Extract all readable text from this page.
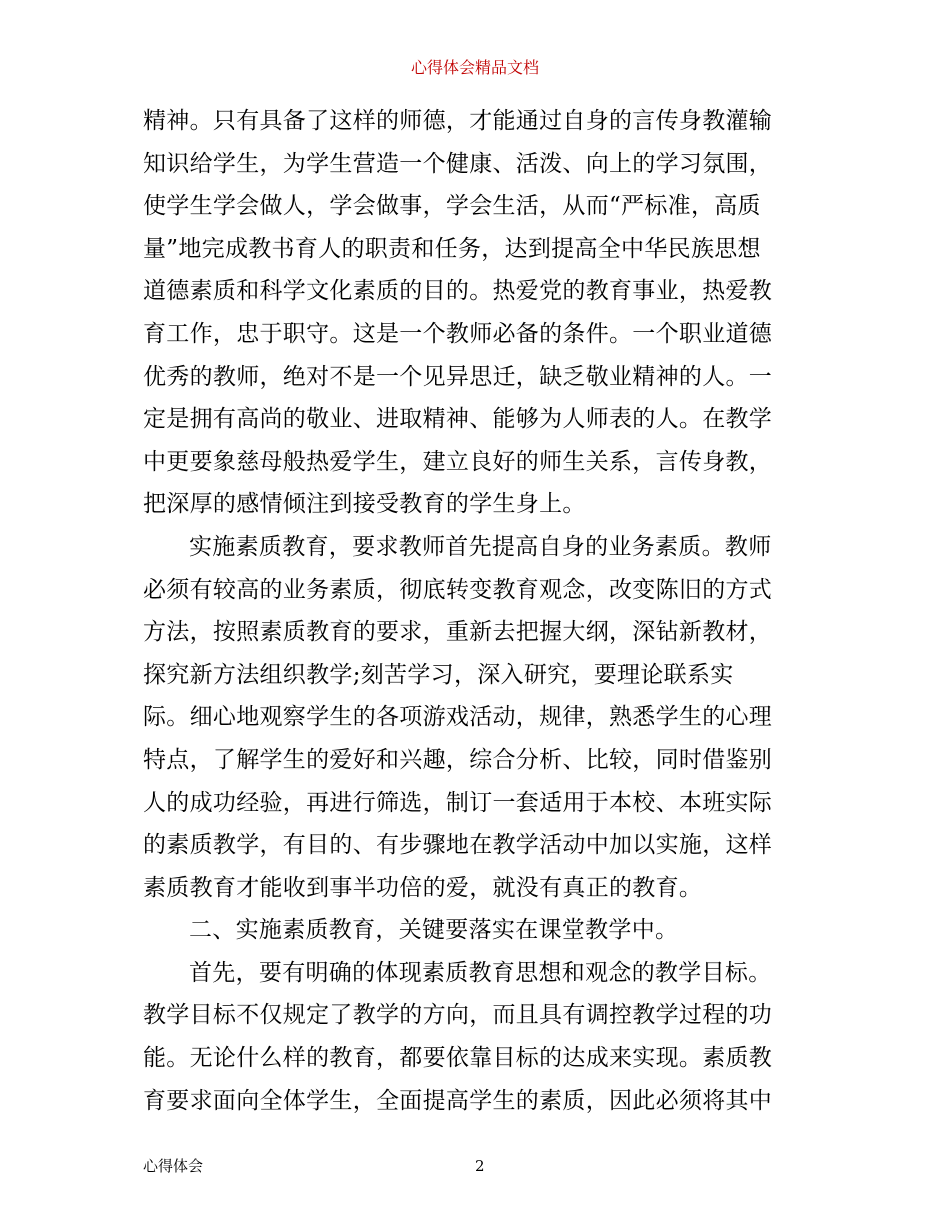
心得体会精品文档
精神。只有具备了这样的师德，才能通过自身的言传身教灌输
知识给学生，为学生营造一个健康、活泼、向上的学习氛围，
使学生学会做人，学会做事，学会生活，从而“严标准，高质
量”地完成教书育人的职责和任务，达到提高全中华民族思想
道德素质和科学文化素质的目的。热爱党的教育事业，热爱教
育工作，忠于职守。这是一个教师必备的条件。一个职业道德
优秀的教师，绝对不是一个见异思迁，缺乏敬业精神的人。一
定是拥有高尚的敬业、进取精神、能够为人师表的人。在教学
中更要象慈母般热爱学生，建立良好的师生关系，言传身教，
把深厚的感情倾注到接受教育的学生身上。
实施素质教育，要求教师首先提高自身的业务素质。教师
必须有较高的业务素质，彻底转变教育观念，改变陈旧的方式
方法，按照素质教育的要求，重新去把握大纲，深钻新教材，
探究新方法组织教学;刻苦学习，深入研究，要理论联系实
际。细心地观察学生的各项游戏活动，规律，熟悉学生的心理
特点，了解学生的爱好和兴趣，综合分析、比较，同时借鉴别
人的成功经验，再进行筛选，制订一套适用于本校、本班实际
的素质教学，有目的、有步骤地在教学活动中加以实施，这样
素质教育才能收到事半功倍的爱，就没有真正的教育。
二、实施素质教育，关键要落实在课堂教学中。
首先，要有明确的体现素质教育思想和观念的教学目标。
教学目标不仅规定了教学的方向，而且具有调控教学过程的功
能。无论什么样的教育，都要依靠目标的达成来实现。素质教
育要求面向全体学生，全面提高学生的素质，因此必须将其中
心得体会	2
